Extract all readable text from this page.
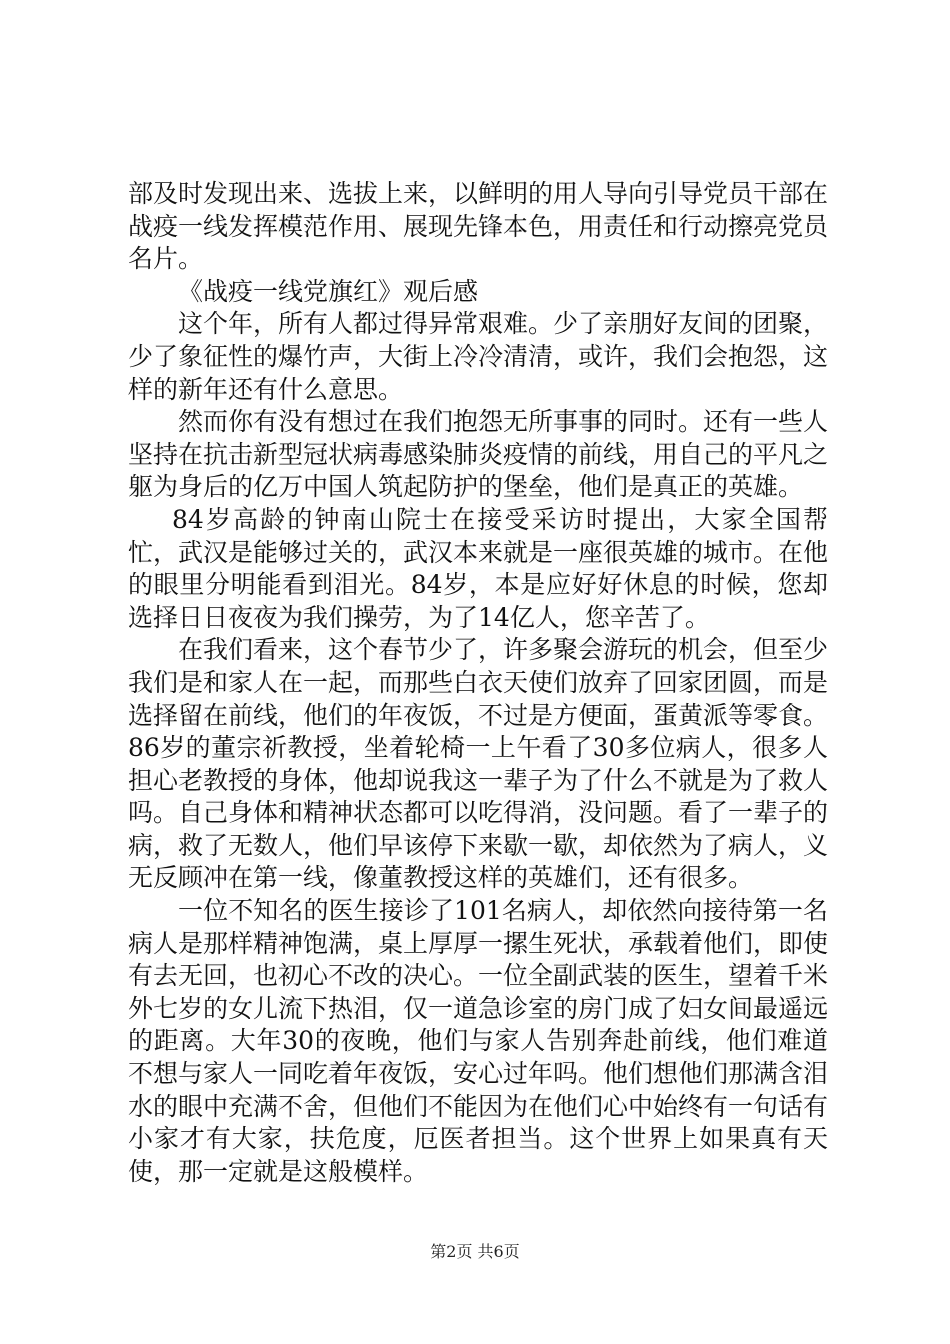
部及时发现出来、选拔上来，以鲜明的用人导向引导党员干部在战疫一线发挥模范作用、展现先锋本色，用责任和行动擦亮党员名片。

《战疫一线党旗红》观后感

这个年，所有人都过得异常艰难。少了亲朋好友间的团聚，少了象征性的爆竹声，大街上冷冷清清，或许，我们会抱怨，这样的新年还有什么意思。

然而你有没有想过在我们抱怨无所事事的同时。还有一些人坚持在抗击新型冠状病毒感染肺炎疫情的前线，用自己的平凡之躯为身后的亿万中国人筑起防护的堡垒，他们是真正的英雄。

84岁高龄的钟南山院士在接受采访时提出，大家全国帮忙，武汉是能够过关的，武汉本来就是一座很英雄的城市。在他的眼里分明能看到泪光。84岁，本是应好好休息的时候，您却选择日日夜夜为我们操劳，为了14亿人，您辛苦了。

在我们看来，这个春节少了，许多聚会游玩的机会，但至少我们是和家人在一起，而那些白衣天使们放弃了回家团圆，而是选择留在前线，他们的年夜饭，不过是方便面，蛋黄派等零食。86岁的董宗祈教授，坐着轮椅一上午看了30多位病人，很多人担心老教授的身体，他却说我这一辈子为了什么不就是为了救人吗。自己身体和精神状态都可以吃得消，没问题。看了一辈子的病，救了无数人，他们早该停下来歇一歇，却依然为了病人，义无反顾冲在第一线，像董教授这样的英雄们，还有很多。

一位不知名的医生接诊了101名病人，却依然向接待第一名病人是那样精神饱满，桌上厚厚一摞生死状，承载着他们，即使有去无回，也初心不改的决心。一位全副武装的医生，望着千米外七岁的女儿流下热泪，仅一道急诊室的房门成了妇女间最遥远的距离。大年30的夜晚，他们与家人告别奔赴前线，他们难道不想与家人一同吃着年夜饭，安心过年吗。他们想他们那满含泪水的眼中充满不舍，但他们不能因为在他们心中始终有一句话有小家才有大家，扶危度，厄医者担当。这个世界上如果真有天使，那一定就是这般模样。

第2页 共6页
